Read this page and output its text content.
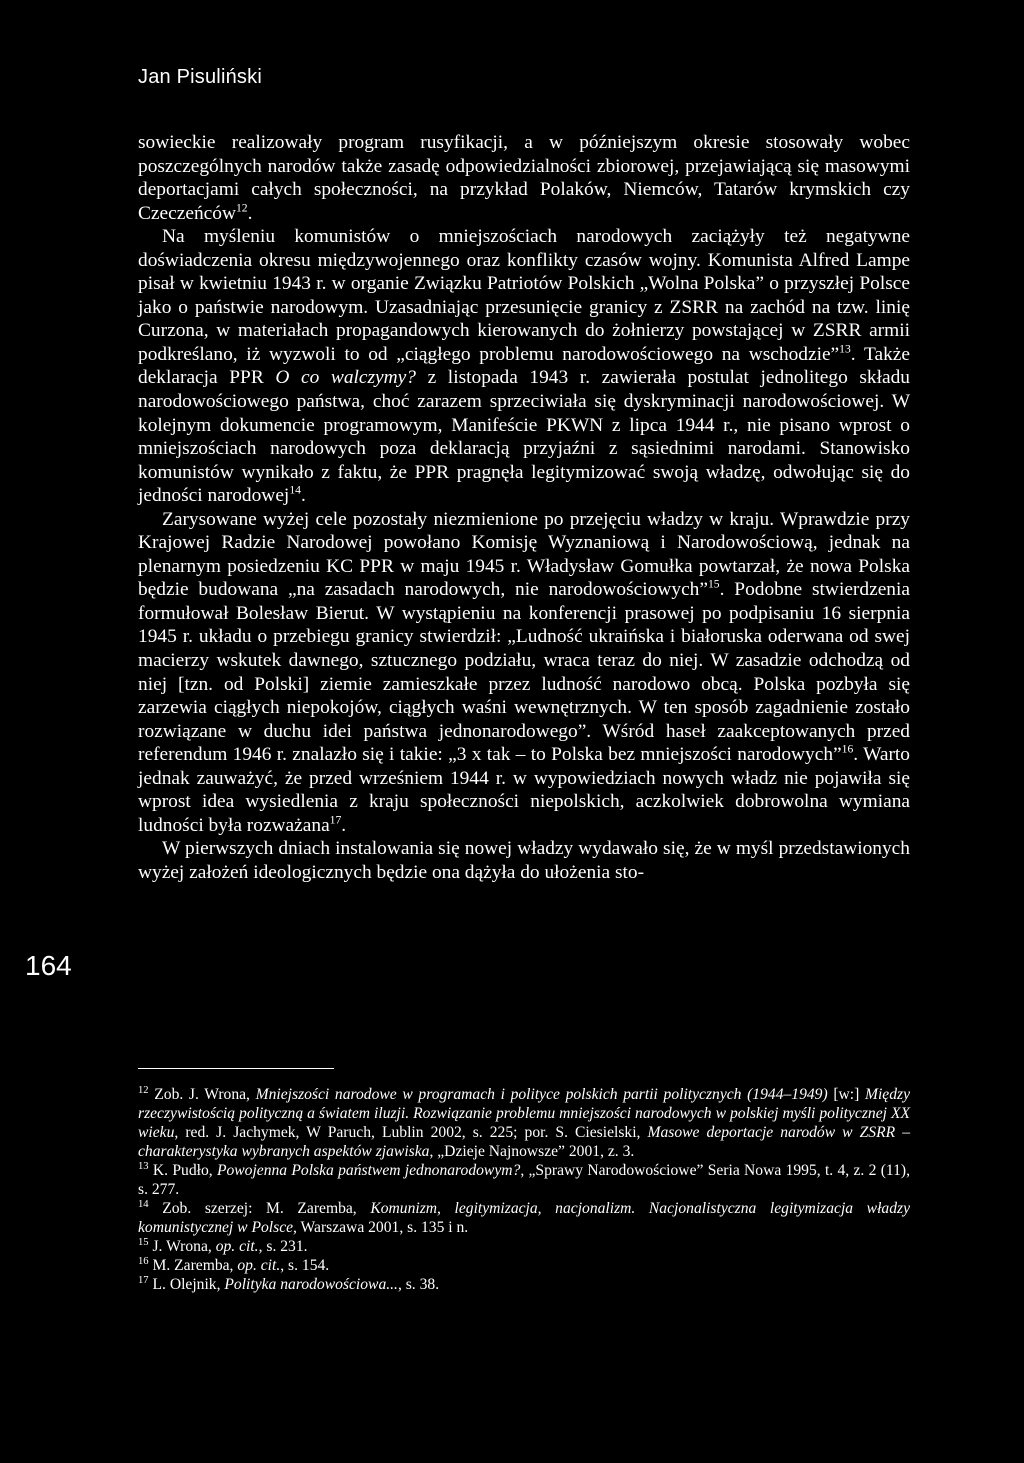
Jan Pisuliński
164

sowieckie realizowały program rusyfikacji, a w późniejszym okresie stosowały wobec poszczególnych narodów także zasadę odpowiedzialności zbiorowej, przejawiającą się masowymi deportacjami całych społeczności, na przykład Polaków, Niemców, Tatarów krymskich czy Czeczeńców$^{12}$.

Na myśleniu komunistów o mniejszościach narodowych zaciążyły też negatywne doświadczenia okresu międzywojennego oraz konflikty czasów wojny. Komunista Alfred Lampe pisał w kwietniu 1943 r. w organie Związku Patriotów Polskich „Wolna Polska” o przyszłej Polsce jako o państwie narodowym. Uzasadniając przesunięcie granicy z ZSRR na zachód na tzw. linię Curzona, w materiałach propagandowych kierowanych do żołnierzy powstającej w ZSRR armii podkreślano, iż wyzwoli to od „ciągłego problemu narodowościowego na wschodzie”$^{13}$. Także deklaracja PPR O co walczymy? z listopada 1943 r. zawierała postulat jednolitego składu narodowościowego państwa, choć zarazem sprzeciwiała się dyskryminacji narodowościowej. W kolejnym dokumencie programowym, Manifeście PKWN z lipca 1944 r., nie pisano wprost o mniejszościach narodowych poza deklaracją przyjaźni z sąsiednimi narodami. Stanowisko komunistów wynikało z faktu, że PPR pragnęła legitymizować swoją władzę, odwołując się do jedności narodowej$^{14}$.

Zarysowane wyżej cele pozostały niezmienione po przejęciu władzy w kraju. Wprawdzie przy Krajowej Radzie Narodowej powołano Komisję Wyznaniową i Narodowościową, jednak na plenarnym posiedzeniu KC PPR w maju 1945 r. Władysław Gomułka powtarzał, że nowa Polska będzie budowana „na zasadach narodowych, nie narodowościowych”$^{15}$. Podobne stwierdzenia formułował Bolesław Bierut. W wystąpieniu na konferencji prasowej po podpisaniu 16 sierpnia 1945 r. układu o przebiegu granicy stwierdził: „Ludność ukraińska i białoruska oderwana od swej macierzy wskutek dawnego, sztucznego podziału, wraca teraz do niej. W zasadzie odchodzą od niej [tzn. od Polski] ziemie zamieszkałe przez ludność narodowo obcą. Polska pozbyła się zarzewia ciągłych niepokojów, ciągłych waśni wewnętrznych. W ten sposób zagadnienie zostało rozwiązane w duchu idei państwa jednonarodowego”. Wśród haseł zaakceptowanych przed referendum 1946 r. znalazło się i takie: „3 x tak – to Polska bez mniejszości narodowych”$^{16}$. Warto jednak zauważyć, że przed wrześniem 1944 r. w wypowiedziach nowych władz nie pojawiła się wprost idea wysiedlenia z kraju społeczności niepolskich, aczkolwiek dobrowolna wymiana ludności była rozważana$^{17}$.

W pierwszych dniach instalowania się nowej władzy wydawało się, że w myśl przedstawionych wyżej założeń ideologicznych będzie ona dążyła do ułożenia sto-

$^{12}$ Zob. J. Wrona, Mniejszości narodowe w programach i polityce polskich partii politycznych (1944–1949) [w:] Między rzeczywistością polityczną a światem iluzji. Rozwiązanie problemu mniejszości narodowych w polskiej myśli politycznej XX wieku, red. J. Jachymek, W Paruch, Lublin 2002, s. 225; por. S. Ciesielski, Masowe deportacje narodów w ZSRR – charakterystyka wybranych aspektów zjawiska, „Dzieje Najnowsze” 2001, z. 3.

$^{13}$ K. Pudło, Powojenna Polska państwem jednonarodowym?, „Sprawy Narodowościowe” Seria Nowa 1995, t. 4, z. 2 (11), s. 277.

$^{14}$ Zob. szerzej: M. Zaremba, Komunizm, legitymizacja, nacjonalizm. Nacjonalistyczna legitymizacja władzy komunistycznej w Polsce, Warszawa 2001, s. 135 i n.

$^{15}$ J. Wrona, op. cit., s. 231.

$^{16}$ M. Zaremba, op. cit., s. 154.

$^{17}$ L. Olejnik, Polityka narodowościowa..., s. 38.
